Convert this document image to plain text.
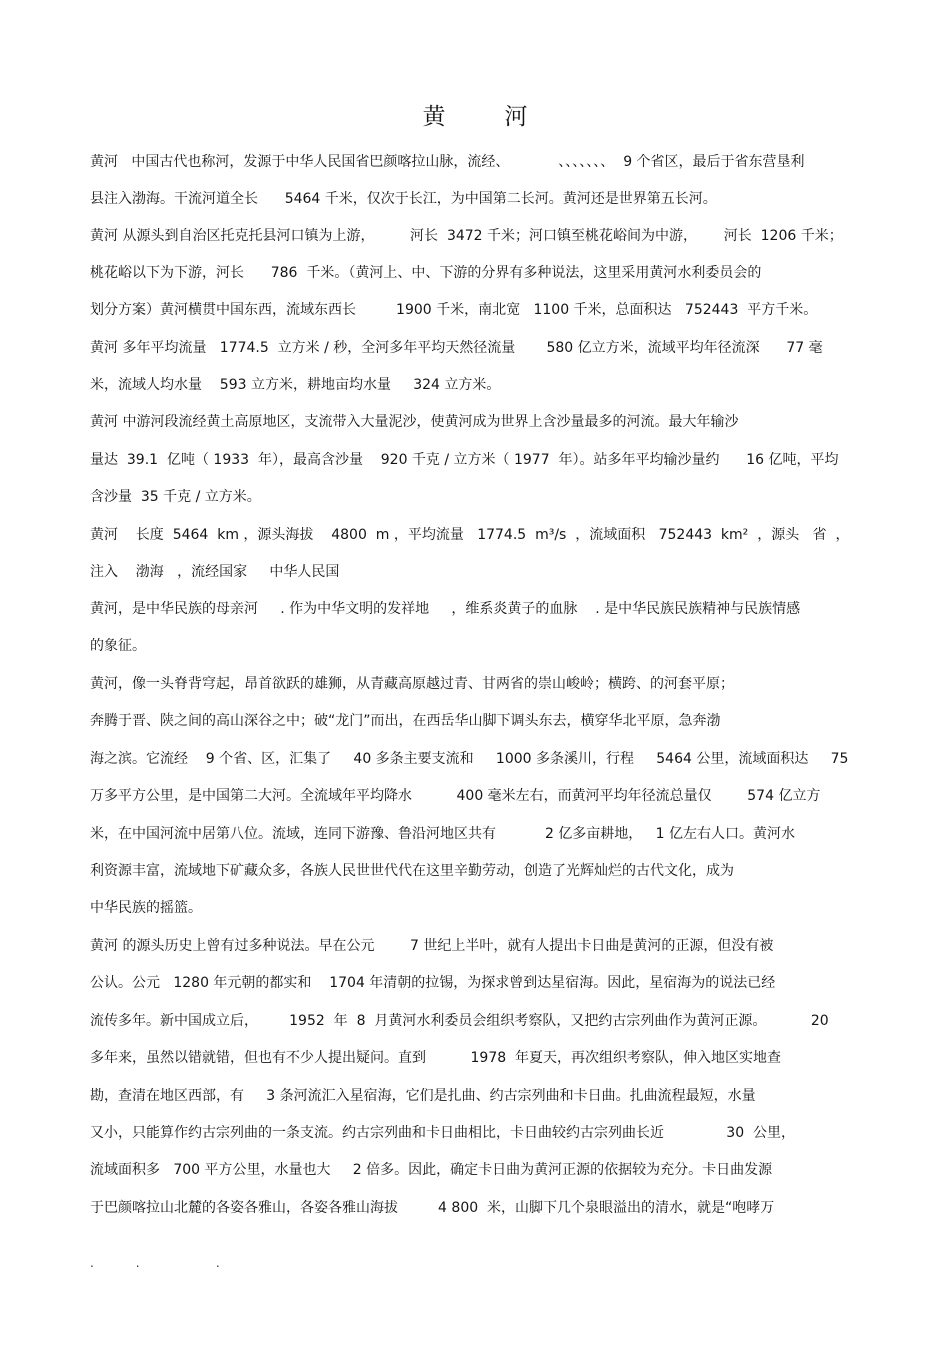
黄　河
黄河   中国古代也称河，发源于中华人民国省巴颜喀拉山脉，流经、           、、、、、、、  9 个省区，最后于省东营垦利
县注入渤海。干流河道全长      5464 千米，仅次于长江，为中国第二长河。黄河还是世界第五长河。
黄河 从源头到自治区托克托县河口镇为上游，        河长  3472 千米；河口镇至桃花峪间为中游，      河长  1206 千米；
桃花峪以下为下游，河长      786  千米。（黄河上、中、下游的分界有多种说法，这里采用黄河水利委员会的
划分方案）黄河横贯中国东西，流域东西长         1900 千米，南北宽   1100 千米，总面积达   752443  平方千米。
黄河 多年平均流量   1774.5  立方米 / 秒，全河多年平均天然径流量       580 亿立方米，流域平均年径流深      77 毫
米，流域人均水量    593 立方米，耕地亩均水量     324 立方米。
黄河 中游河段流经黄土高原地区，支流带入大量泥沙，使黄河成为世界上含沙量最多的河流。最大年输沙
量达  39.1  亿吨（ 1933  年），最高含沙量    920 千克 / 立方米（ 1977  年）。站多年平均输沙量约      16 亿吨，平均
含沙量  35 千克 / 立方米。
黄河    长度  5464  km ，源头海拔    4800  m ，平均流量   1774.5  m³/s  ，流域面积   752443  km²  ，源头   省  ，
注入    渤海   ，流经国家     中华人民国
黄河，是中华民族的母亲河     . 作为中华文明的发祥地     ，维系炎黄子的血脉    . 是中华民族民族精神与民族情感
的象征。
黄河，像一头脊背穹起，昂首欲跃的雄狮，从青藏高原越过青、甘两省的崇山峻岭；横跨、的河套平原；
奔腾于晋、陕之间的高山深谷之中；破“龙门”而出，在西岳华山脚下调头东去，横穿华北平原，急奔渤
海之滨。它流经    9 个省、区，汇集了     40 多条主要支流和     1000 多条溪川，行程     5464 公里，流域面积达     75
万多平方公里，是中国第二大河。全流域年平均降水          400 毫米左右，而黄河平均年径流总量仅        574 亿立方
米，在中国河流中居第八位。流域，连同下游豫、鲁沿河地区共有           2 亿多亩耕地，   1 亿左右人口。黄河水
利资源丰富，流域地下矿藏众多，各族人民世世代代在这里辛勤劳动，创造了光辉灿烂的古代文化，成为
中华民族的摇篮。
黄河 的源头历史上曾有过多种说法。早在公元        7 世纪上半叶，就有人提出卡日曲是黄河的正源，但没有被
公认。公元   1280 年元朝的都实和    1704 年清朝的拉锡，为探求曾到达星宿海。因此，星宿海为的说法已经
流传多年。新中国成立后，       1952  年  8  月黄河水利委员会组织考察队，又把约古宗列曲作为黄河正源。          20
多年来，虽然以错就错，但也有不少人提出疑问。直到          1978  年夏天，再次组织考察队，伸入地区实地查
勘，查清在地区西部，有     3 条河流汇入星宿海，它们是扎曲、约古宗列曲和卡日曲。扎曲流程最短，水量
又小，只能算作约古宗列曲的一条支流。约古宗列曲和卡日曲相比，卡日曲较约古宗列曲长近              30  公里，
流域面积多   700 平方公里，水量也大     2 倍多。因此，确定卡日曲为黄河正源的依据较为充分。卡日曲发源
于巴颜喀拉山北麓的各姿各雅山，各姿各雅山海拔         4 800  米，山脚下几个泉眼溢出的清水，就是“咆哮万
.           .                    .
